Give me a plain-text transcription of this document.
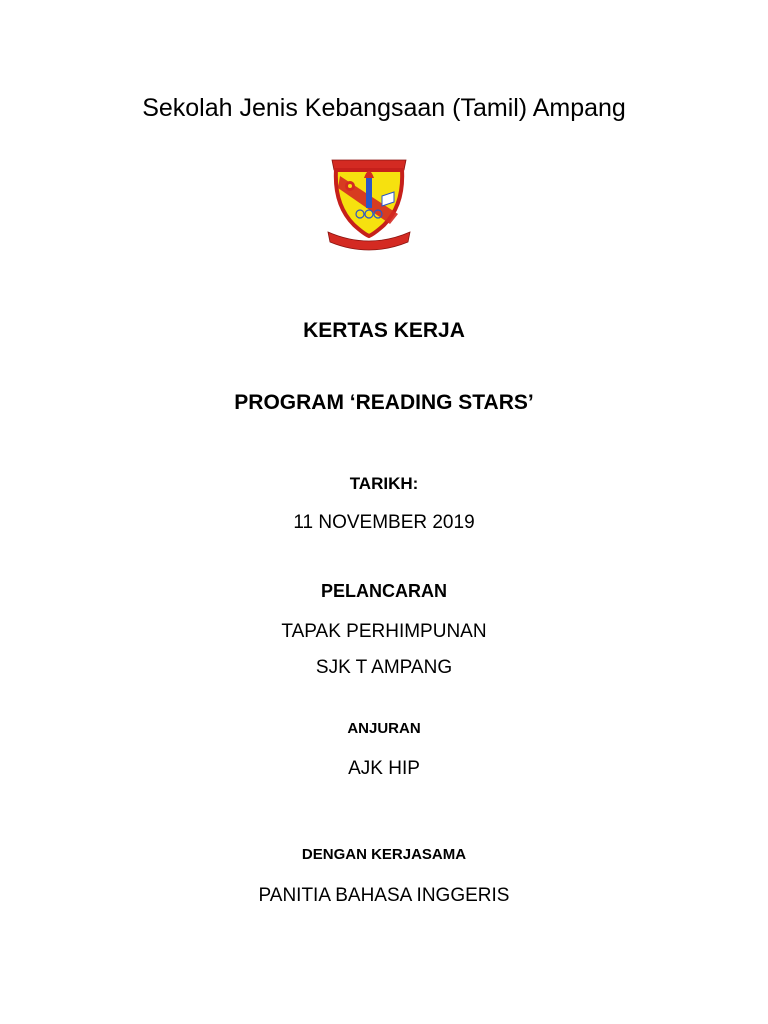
Sekolah Jenis Kebangsaan (Tamil) Ampang
KERTAS KERJA
PROGRAM ‘READING STARS’
TARIKH:
11 NOVEMBER 2019
PELANCARAN
TAPAK PERHIMPUNAN
SJK T AMPANG
ANJURAN
AJK HIP
DENGAN KERJASAMA
PANITIA BAHASA INGGERIS
